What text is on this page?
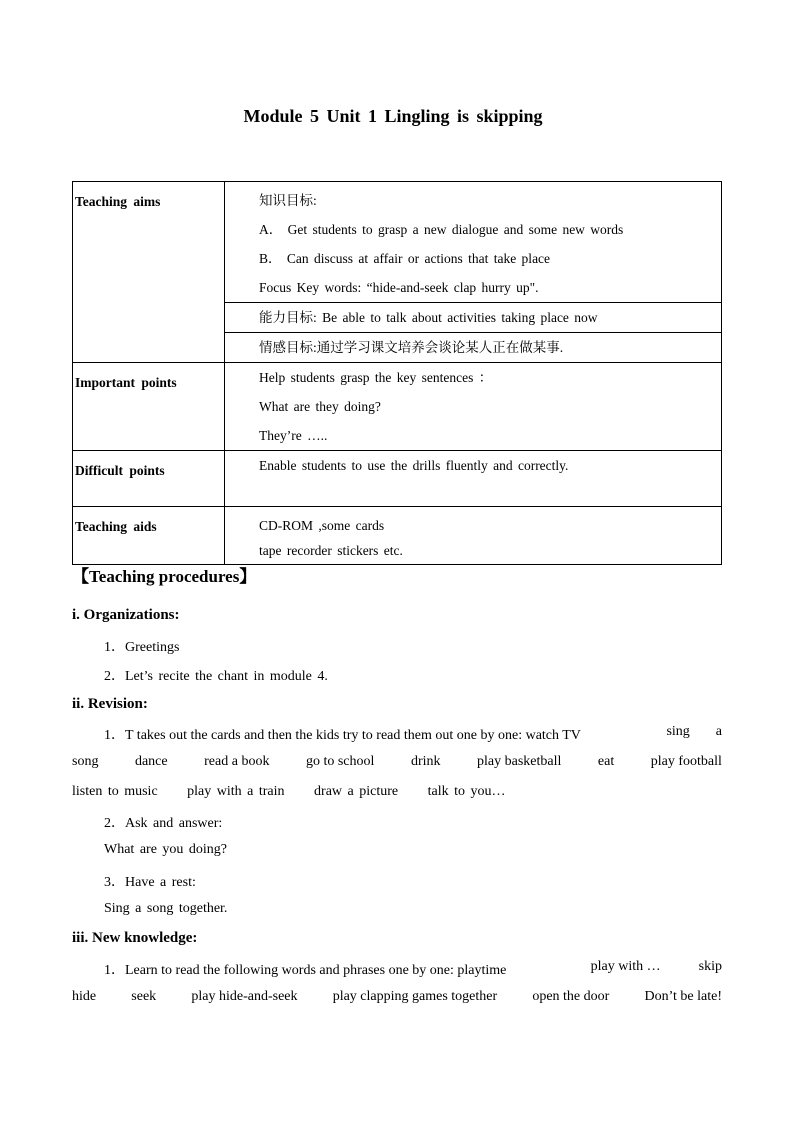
Module 5 Unit 1 Lingling is skipping
Teaching aims	知识目标:
A． Get students to grasp a new dialogue and some new words
B． Can discuss at affair or actions that take place
Focus Key words: “hide-and-seek clap hurry up".

	能力目标: Be able to talk about activities taking place now

	情感目标:通过学习课文培养会谈论某人正在做某事.

Important points	Help students grasp the key sentences ：
What are they doing?
They’re …..

Difficult points	Enable students to use the drills fluently and correctly.

Teaching aids	CD-ROM ,some cards
tape recorder stickers etc.
【Teaching procedures】
i. Organizations:
1．Greetings
2．Let’s recite the chant in module 4.
ii. Revision:
1．T takes out the cards and then the kids try to read them out one by one: watch TV	sing a
song	dance	read a book	go to school	drink	play basketball	eat	play football
listen to music play with a train draw a picture talk to you…
2．Ask and answer:
What are you doing?
3．Have a rest:
Sing a song together.
iii. New knowledge:
1．Learn to read the following words and phrases one by one: playtime	play with …	skip
hide	seek	play hide-and-seek	play clapping games together	open the door	Don’t be late!
